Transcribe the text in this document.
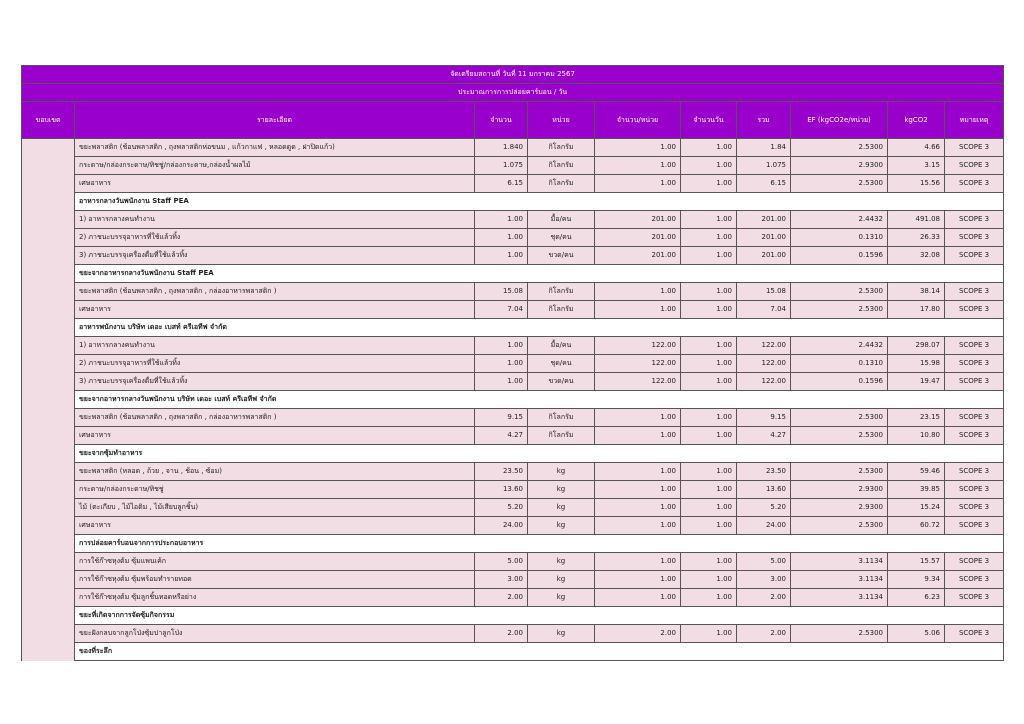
จัดเตรียมสถานที่ วันที่ 11 มกราคม 2567									
ประมาณการการปล่อยคาร์บอน / วัน									
ขอบเขต	รายละเอียด	จำนวน	หน่วย	จำนวน/หน่วย	จำนวนวัน	รวม	EF (kgCO2e/หน่วย)	kgCO2	หมายเหตุ
	ขยะพลาสติก (ช้อนพลาสติก , ถุงพลาสติกห่อขนม , แก้วกาแฟ , หลอดดูด , ฝาปิดแก้ว)	1.840	กิโลกรัม	1.00	1.00	1.84	2.5300	4.66	SCOPE 3
	กระดาษ/กล่องกระดาษ/ทิชชู่/กล่องกระดาษ,กล่องน้ำผลไม้	1.075	กิโลกรัม	1.00	1.00	1.075	2.9300	3.15	SCOPE 3
	เศษอาหาร	6.15	กิโลกรัม	1.00	1.00	6.15	2.5300	15.56	SCOPE 3
	อาหารกลางวันพนักงาน Staff PEA								
	1) อาหารกลางคนทำงาน	1.00	มื้อ/คน	201.00	1.00	201.00	2.4432	491.08	SCOPE 3
	2) ภาชนะบรรจุอาหารที่ใช้แล้วทิ้ง	1.00	ชุด/คน	201.00	1.00	201.00	0.1310	26.33	SCOPE 3
	3) ภาชนะบรรจุเครื่องดื่มที่ใช้แล้วทิ้ง	1.00	ขวด/คน	201.00	1.00	201.00	0.1596	32.08	SCOPE 3
	ขยะจากอาหารกลางวันพนักงาน Staff PEA								
	ขยะพลาสติก (ช้อนพลาสติก , ถุงพลาสติก , กล่องอาหารพลาสติก )	15.08	กิโลกรัม	1.00	1.00	15.08	2.5300	38.14	SCOPE 3
	เศษอาหาร	7.04	กิโลกรัม	1.00	1.00	7.04	2.5300	17.80	SCOPE 3
	อาหารพนักงาน บริษัท เดอะ เบสท์ ครีเอทีฟ จำกัด								
	1) อาหารกลางคนทำงาน	1.00	มื้อ/คน	122.00	1.00	122.00	2.4432	298.07	SCOPE 3
	2) ภาชนะบรรจุอาหารที่ใช้แล้วทิ้ง	1.00	ชุด/คน	122.00	1.00	122.00	0.1310	15.98	SCOPE 3
	3) ภาชนะบรรจุเครื่องดื่มที่ใช้แล้วทิ้ง	1.00	ขวด/คน	122.00	1.00	122.00	0.1596	19.47	SCOPE 3
	ขยะจากอาหารกลางวันพนักงาน บริษัท เดอะ เบสท์ ครีเอทีฟ จำกัด								
	ขยะพลาสติก (ช้อนพลาสติก , ถุงพลาสติก , กล่องอาหารพลาสติก )	9.15	กิโลกรัม	1.00	1.00	9.15	2.5300	23.15	SCOPE 3
	เศษอาหาร	4.27	กิโลกรัม	1.00	1.00	4.27	2.5300	10.80	SCOPE 3
	ขยะจากซุ้มทำอาหาร								
	ขยะพลาสติก (หลอด , ถ้วย , จาน , ช้อน , ซ้อม)	23.50	kg	1.00	1.00	23.50	2.5300	59.46	SCOPE 3
	กระดาษ/กล่องกระดาษ/ทิชชู่	13.60	kg	1.00	1.00	13.60	2.9300	39.85	SCOPE 3
	ไม้ (ตะเกียบ , ไม้ไอติม , ไม้เสียบลูกชิ้น)	5.20	kg	1.00	1.00	5.20	2.9300	15.24	SCOPE 3
	เศษอาหาร	24.00	kg	1.00	1.00	24.00	2.5300	60.72	SCOPE 3
	การปล่อยคาร์บอนจากการประกอบอาหาร								
	การใช้ก๊าซหุงต้ม ซุ้มแพนเค้ก	5.00	kg	1.00	1.00	5.00	3.1134	15.57	SCOPE 3
	การใช้ก๊าซหุงต้ม ซุ้มพร้อมทำรายทอด	3.00	kg	1.00	1.00	3.00	3.1134	9.34	SCOPE 3
	การใช้ก๊าซหุงต้ม ซุ้มลูกชิ้นทอดหรือย่าง	2.00	kg	1.00	1.00	2.00	3.1134	6.23	SCOPE 3
	ขยะที่เกิดจากการจัดซุ้มกิจกรรม								
	ขยะฝังกลบจากลูกโป่งซุ้มปาลูกโป่ง	2.00	kg	2.00	1.00	2.00	2.5300	5.06	SCOPE 3
	ของที่ระลึก								
